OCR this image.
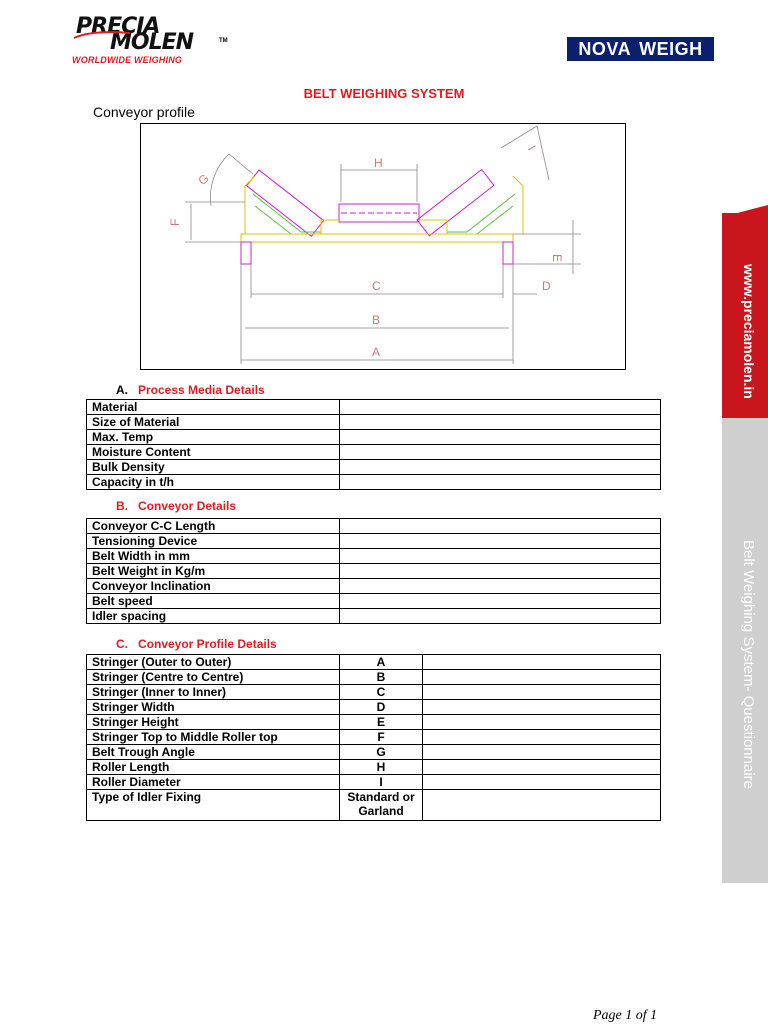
PRECIA
MOLEN	TM
WORLDWIDE WEIGHING
NOVA WEIGH
BELT WEIGHING SYSTEM
Conveyor profile
H
C
B
A
D
E
F
G
I
A. Process Media Details
Material	
Size of Material	
Max. Temp	
Moisture Content	
Bulk Density	
Capacity in t/h	
B. Conveyor Details
Conveyor C-C Length	
Tensioning Device	
Belt Width in mm	
Belt Weight in Kg/m	
Conveyor Inclination	
Belt speed	
Idler spacing	
C. Conveyor Profile Details
Stringer (Outer to Outer)	A	
Stringer (Centre to Centre)	B	
Stringer (Inner to Inner)	C	
Stringer Width	D	
Stringer Height	E	
Stringer Top to Middle Roller top	F	
Belt Trough Angle	G	
Roller Length	H	
Roller Diameter	I	
Type of Idler Fixing	Standard or Garland	
www.preciamolen.in
Belt Weighing System- Questionnaire
Page 1 of 1
